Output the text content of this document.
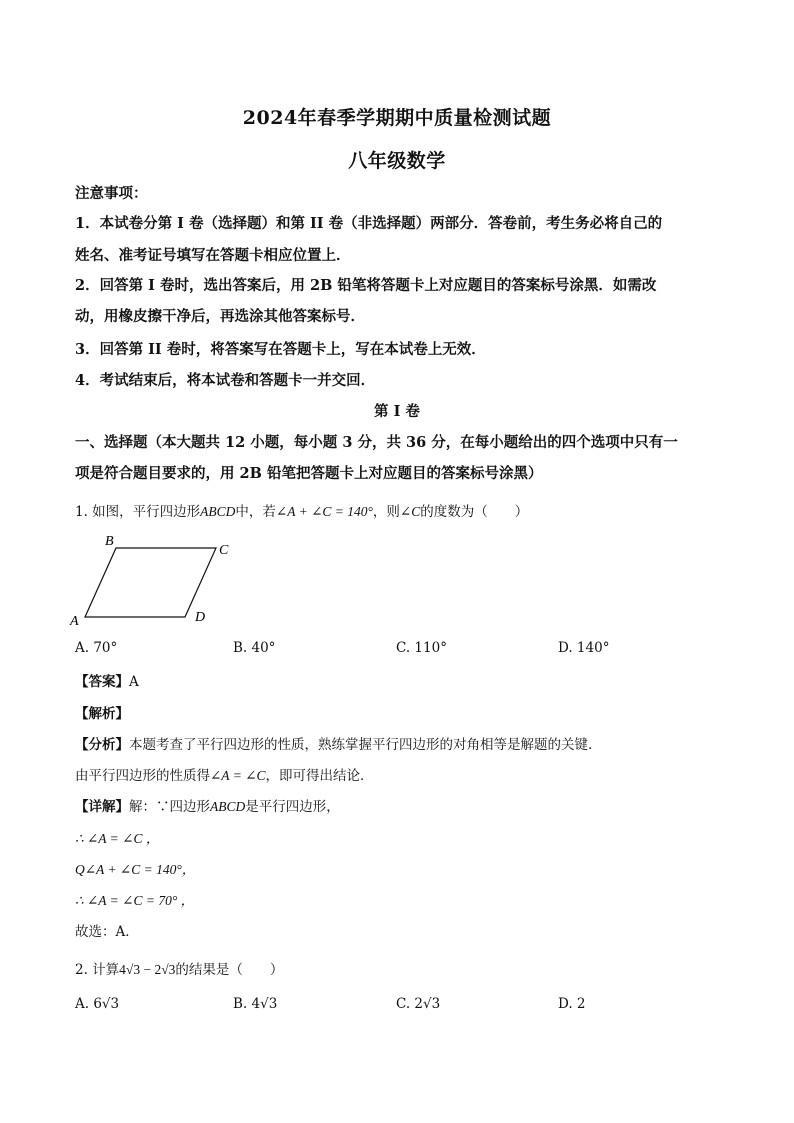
2024年春季学期期中质量检测试题
八年级数学
注意事项：
1．本试卷分第 I 卷（选择题）和第 II 卷（非选择题）两部分．答卷前，考生务必将自己的
姓名、准考证号填写在答题卡相应位置上．
2．回答第 I 卷时，选出答案后，用 2B 铅笔将答题卡上对应题目的答案标号涂黑．如需改
动，用橡皮擦干净后，再选涂其他答案标号．
3．回答第 II 卷时，将答案写在答题卡上，写在本试卷上无效．
4．考试结束后，将本试卷和答题卡一并交回．
第 I 卷
一、选择题（本大题共 12 小题，每小题 3 分，共 36 分，在每小题给出的四个选项中只有一
项是符合题目要求的，用 2B 铅笔把答题卡上对应题目的答案标号涂黑）
1. 如图，平行四边形ABCD中，若∠A + ∠C = 140°，则∠C的度数为（　　）
A
B
C
D
A. 70°	B. 40°	C. 110°	D. 140°
【答案】A
【解析】
【分析】本题考查了平行四边形的性质，熟练掌握平行四边形的对角相等是解题的关键．
由平行四边形的性质得∠A = ∠C，即可得出结论．
【详解】解：∵四边形ABCD是平行四边形，
∴ ∠A = ∠C ，
Q∠A + ∠C = 140°，
∴ ∠A = ∠C = 70° ，
故选：A．
2. 计算4√3 − 2√3的结果是（　　）
A. 6√3	B. 4√3	C. 2√3	D. 2
